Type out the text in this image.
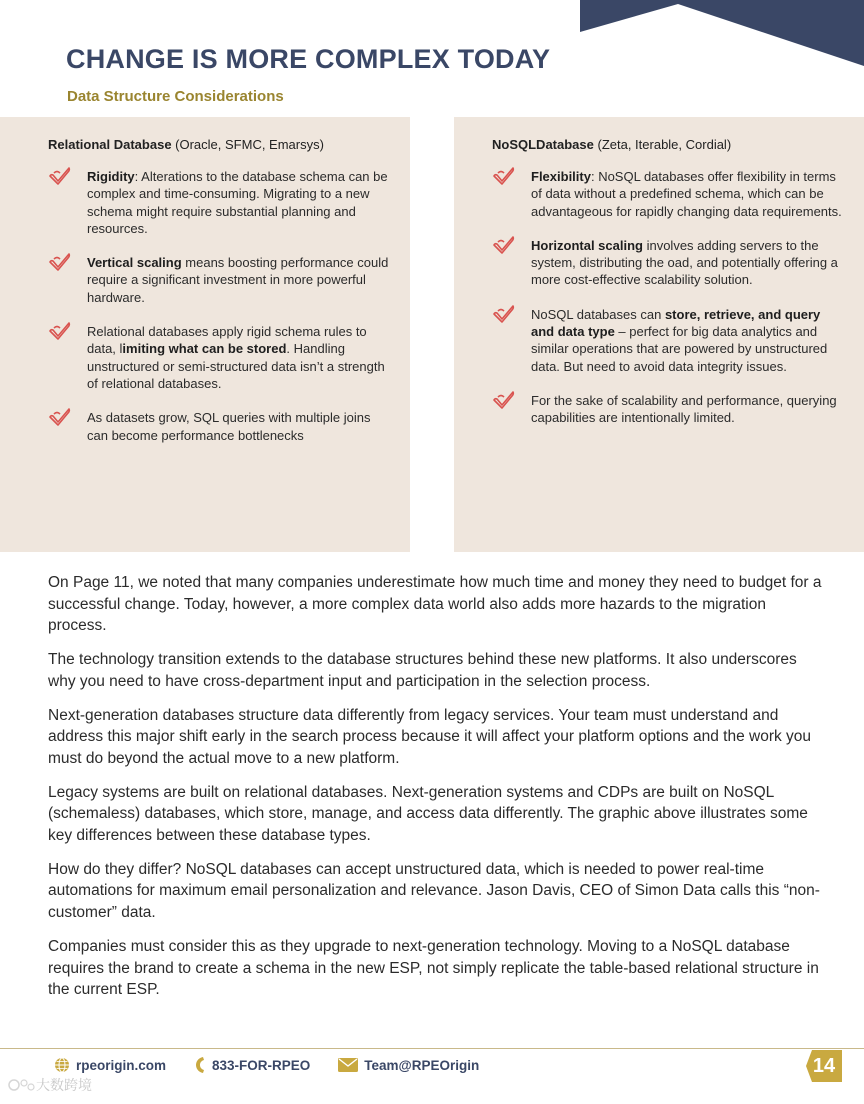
CHANGE IS MORE COMPLEX TODAY
Data Structure Considerations

Relational Database (Oracle, SFMC, Emarsys)

Rigidity: Alterations to the database schema can be complex and time-consuming. Migrating to a new schema might require substantial planning and resources.
Vertical scaling means boosting performance could require a significant investment in more powerful hardware.
Relational databases apply rigid schema rules to data, limiting what can be stored. Handling unstructured or semi-structured data isn’t a strength of relational databases.
As datasets grow, SQL queries with multiple joins can become performance bottlenecks

NoSQLDatabase (Zeta, Iterable, Cordial)

Flexibility: NoSQL databases offer flexibility in terms of data without a predefined schema, which can be advantageous for rapidly changing data requirements.
Horizontal scaling involves adding servers to the system, distributing the oad, and potentially offering a more cost-effective scalability solution.
NoSQL databases can store, retrieve, and query and data type – perfect for big data analytics and similar operations that are powered by unstructured data. But need to avoid data integrity issues.
For the sake of scalability and performance, querying capabilities are intentionally limited.

On Page 11, we noted that many companies underestimate how much time and money they need to budget for a successful change. Today, however, a more complex data world also adds more hazards to the migration process.

The technology transition extends to the database structures behind these new platforms. It also underscores why you need to have cross-department input and participation in the selection process.

Next-generation databases structure data differently from legacy services. Your team must understand and address this major shift early in the search process because it will affect your platform options and the work you must do beyond the actual move to a new platform.

Legacy systems are built on relational databases. Next-generation systems and CDPs are built on NoSQL (schemaless) databases, which store, manage, and access data differently. The graphic above illustrates some key differences between these database types.

How do they differ? NoSQL databases can accept unstructured data, which is needed to power real-time automations for maximum email personalization and relevance. Jason Davis, CEO of Simon Data calls this “non-customer” data.

Companies must consider this as they upgrade to next-generation technology. Moving to a NoSQL database requires the brand to create a schema in the new ESP, not simply replicate the table-based relational structure in the current ESP.

rpeorigin.com	833-FOR-RPEO	Team@RPEOrigin	14
大数跨境
